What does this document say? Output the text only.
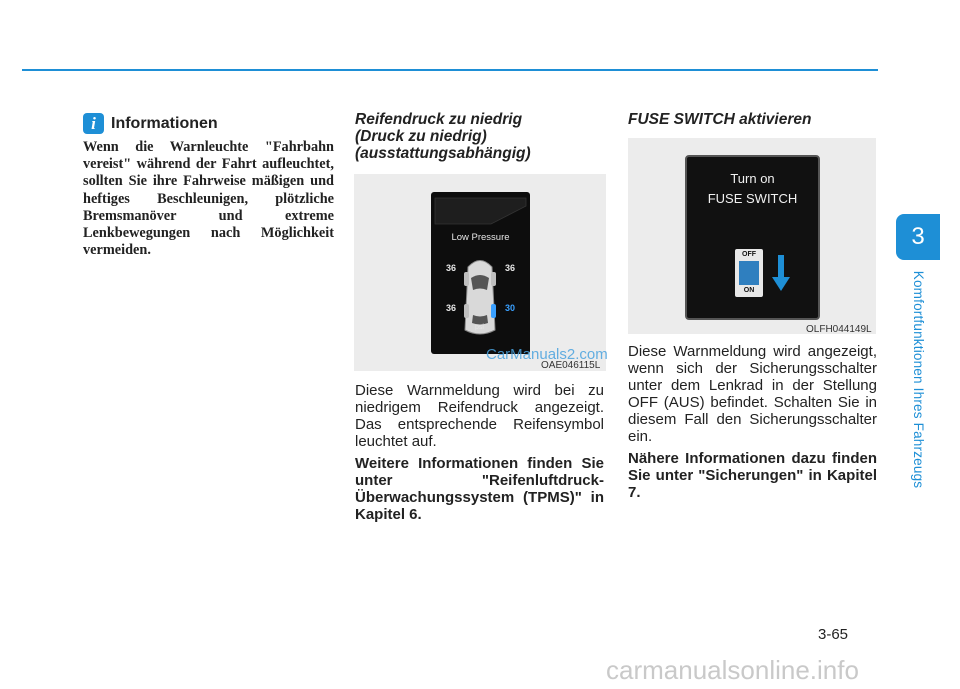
3
Komfortfunktionen Ihres Fahrzeugs
i Informationen
Wenn die Warnleuchte "Fahrbahn vereist" während der Fahrt aufleuchtet, sollten Sie ihre Fahrweise mäßigen und heftiges Beschleunigen, plötzliche Bremsmanöver und extreme Lenkbewegungen nach Möglichkeit vermeiden.
Reifendruck zu niedrig
(Druck zu niedrig)
(ausstattungsabhängig)
Low Pressure
36	36
36	30
psi
OAE046115L
CarManuals2.com

Diese Warnmeldung wird bei zu niedrigem Reifendruck angezeigt. Das entsprechende Reifensymbol leuchtet auf.

Weitere Informationen finden Sie unter "Reifenluftdruck-Überwachungssystem (TPMS)" in Kapitel 6.

FUSE SWITCH aktivieren
Turn on
FUSE SWITCH
OFF
ON
OLFH044149L

Diese Warnmeldung wird angezeigt, wenn sich der Sicherungsschalter unter dem Lenkrad in der Stellung OFF (AUS) befindet. Schalten Sie in diesem Fall den Sicherungsschalter ein.

Nähere Informationen dazu finden Sie unter "Sicherungen" in Kapitel 7.

3-65
carmanualsonline.info
